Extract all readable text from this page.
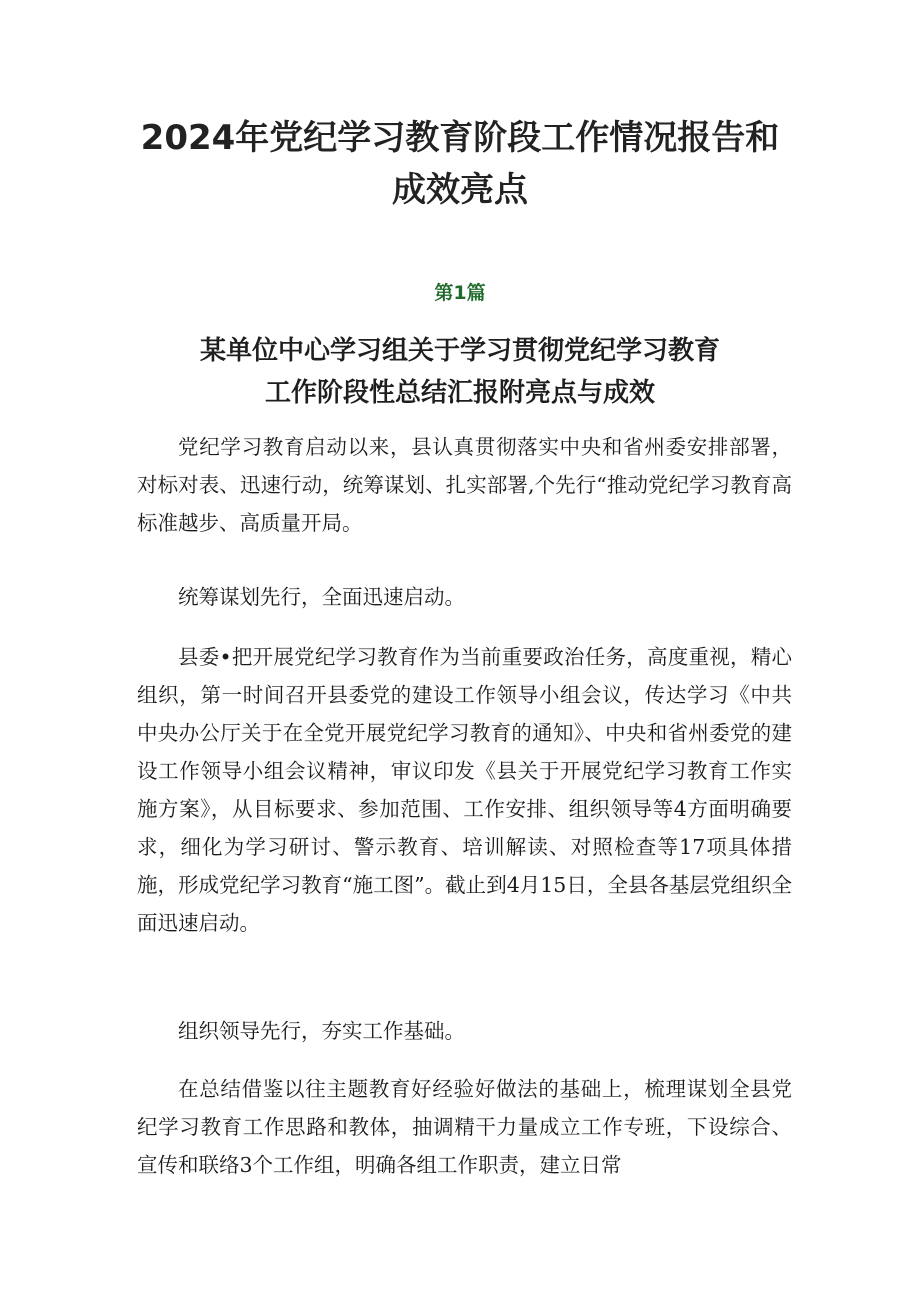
2024年党纪学习教育阶段工作情况报告和
成效亮点
第1篇
某单位中心学习组关于学习贯彻党纪学习教育
工作阶段性总结汇报附亮点与成效

党纪学习教育启动以来，县认真贯彻落实中央和省州委安排部署，对标对表、迅速行动，统筹谋划、扎实部署,个先行“推动党纪学习教育高标准越步、高质量开局。

统筹谋划先行，全面迅速启动。

县委•把开展党纪学习教育作为当前重要政治任务，高度重视，精心组织，第一时间召开县委党的建设工作领导小组会议，传达学习《中共中央办公厅关于在全党开展党纪学习教育的通知》、中央和省州委党的建设工作领导小组会议精神，审议印发《县关于开展党纪学习教育工作实施方案》，从目标要求、参加范围、工作安排、组织领导等4方面明确要求，细化为学习研讨、警示教育、培训解读、对照检查等17项具体措施，形成党纪学习教育“施工图”。截止到4月15日，全县各基层党组织全面迅速启动。

组织领导先行，夯实工作基础。

在总结借鉴以往主题教育好经验好做法的基础上，梳理谋划全县党纪学习教育工作思路和教体，抽调精干力量成立工作专班，下设综合、宣传和联络3个工作组，明确各组工作职责，建立日常
